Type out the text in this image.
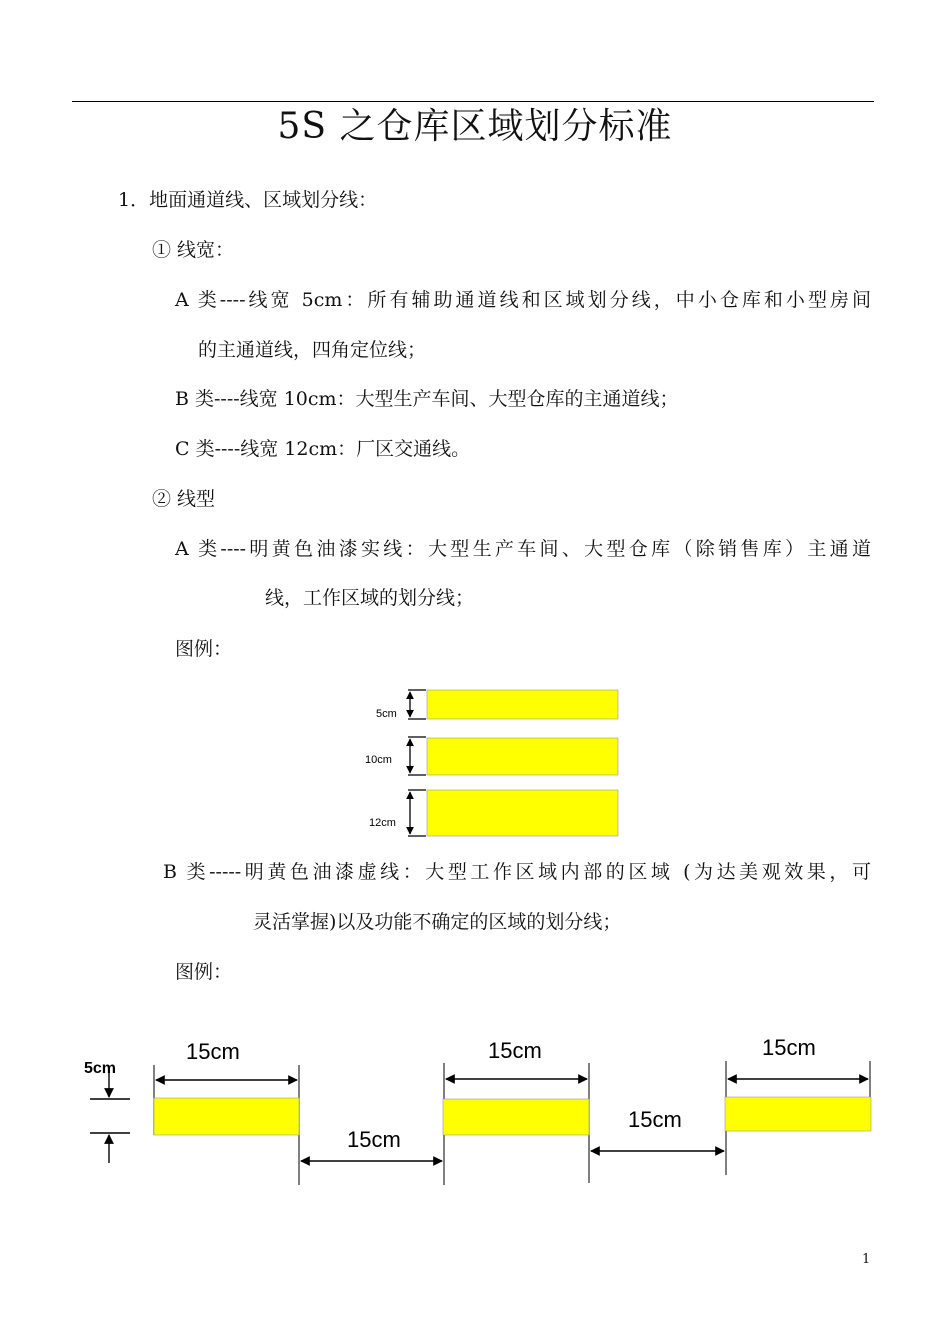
5S 之仓库区域划分标准
1．地面通道线、区域划分线：
① 线宽：
A 类----线宽 5cm：所有辅助通道线和区域划分线，中小仓库和小型房间
的主通道线，四角定位线；
B 类----线宽 10cm：大型生产车间、大型仓库的主通道线；
C 类----线宽 12cm：厂区交通线。
② 线型
A 类----明黄色油漆实线：大型生产车间、大型仓库（除销售库）主通道
线，工作区域的划分线；
图例：
5cm
10cm
12cm
B 类-----明黄色油漆虚线：大型工作区域内部的区域 (为达美观效果，可
灵活掌握)以及功能不确定的区域的划分线；
图例：
5cm
15cm
15cm
15cm
15cm
15cm
1
